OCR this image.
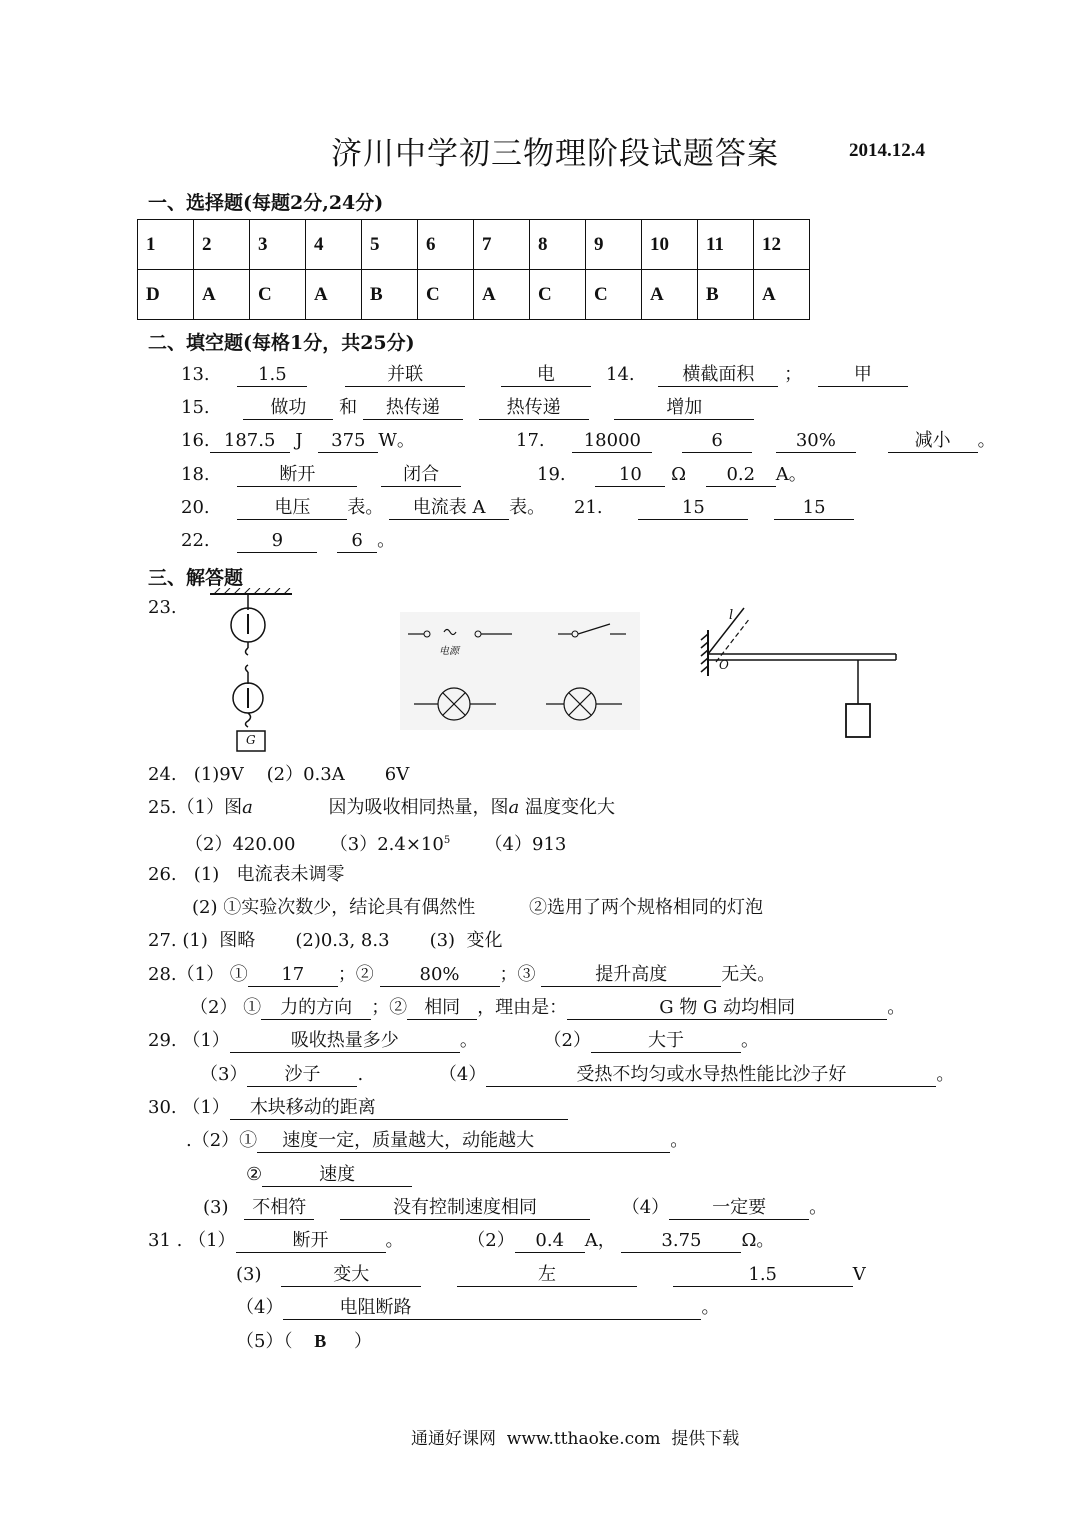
济川中学初三物理阶段试题答案	2014.12.4
一、选择题(每题2分,24分)
1	2	3	4	5	6	7	8	9	10	11	12
D	A	C	A	B	C	A	C	C	A	B	A
二、填空题(每格1分，共25分)
13.	1.5	并联	电	14.	横截面积 ；	甲
15.	做功 和 热传递	热传递	增加
16. 187.5 J 375 W。	17. 18000	6	30%	减小 。
18.	断开	闭合	19.	10 Ω 0.2 A。
20.	电压 表。 电流表 A 表。 21.	15	15
22.	9	6 。
三、解答题
23.
G
电源
l
O
24.   (1)9V    (2）0.3A       6V
25.（1）图a	因为吸收相同热量，图a 温度变化大
（2）420.00      $(3)2.4\times 10^5$      （4）913
26.   (1)   电流表未调零
(2) ①实验次数少，结论具有偶然性	②选用了两个规格相同的灯泡
27. (1)  图略       (2)0.3, 8.3       (3)  变化
28.（1） ① 17 ；②	80% ；③	提升高度	无关。
（2） ① 力的方向 ；② 相同 ，理由是：	G 物 G 动均相同	。
29. （1）	吸收热量多少	。	（2）	大于	。
（3） 沙子 .	（4）	受热不均匀或水导热性能比沙子好	。
30. （1） 木块移动的距离
.（2）① 速度一定，质量越大，动能越大	。
②	速度
(3) 不相符	没有控制速度相同	（4） 一定要 。
31 . （1）	断开	。	（2） 0.4 A，	3.75 Ω。
(3)	变大	左	1.5	V
（4）	电阻断路	。
（5）（ B ）
通通好课网  www.tthaoke.com  提供下载
